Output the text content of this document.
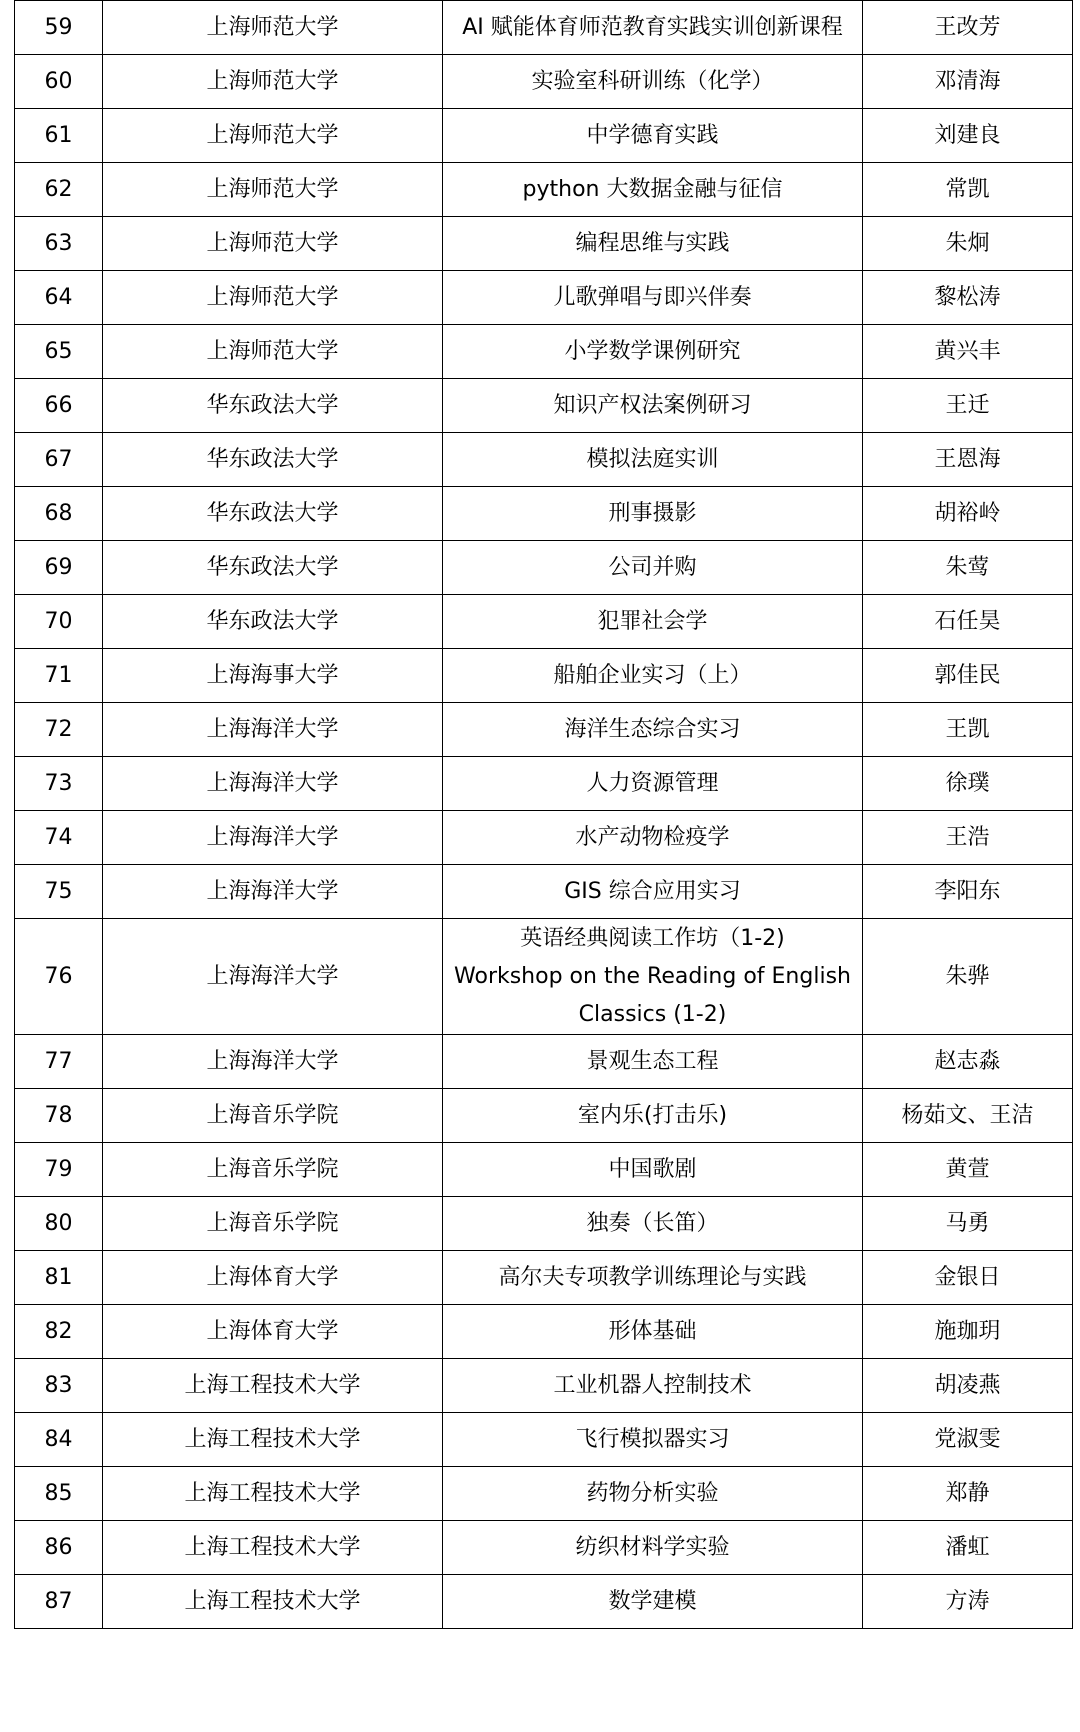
59	上海师范大学	AI 赋能体育师范教育实践实训创新课程	王改芳
60	上海师范大学	实验室科研训练（化学）	邓清海
61	上海师范大学	中学德育实践	刘建良
62	上海师范大学	python 大数据金融与征信	常凯
63	上海师范大学	编程思维与实践	朱炯
64	上海师范大学	儿歌弹唱与即兴伴奏	黎松涛
65	上海师范大学	小学数学课例研究	黄兴丰
66	华东政法大学	知识产权法案例研习	王迁
67	华东政法大学	模拟法庭实训	王恩海
68	华东政法大学	刑事摄影	胡裕岭
69	华东政法大学	公司并购	朱莺
70	华东政法大学	犯罪社会学	石任昊
71	上海海事大学	船舶企业实习（上）	郭佳民
72	上海海洋大学	海洋生态综合实习	王凯
73	上海海洋大学	人力资源管理	徐璞
74	上海海洋大学	水产动物检疫学	王浩
75	上海海洋大学	GIS 综合应用实习	李阳东
76	上海海洋大学	英语经典阅读工作坊（1-2)
Workshop on the Reading of English
Classics (1-2)	朱骅
77	上海海洋大学	景观生态工程	赵志淼
78	上海音乐学院	室内乐(打击乐)	杨茹文、王洁
79	上海音乐学院	中国歌剧	黄萱
80	上海音乐学院	独奏（长笛）	马勇
81	上海体育大学	高尔夫专项教学训练理论与实践	金银日
82	上海体育大学	形体基础	施珈玥
83	上海工程技术大学	工业机器人控制技术	胡凌燕
84	上海工程技术大学	飞行模拟器实习	党淑雯
85	上海工程技术大学	药物分析实验	郑静
86	上海工程技术大学	纺织材料学实验	潘虹
87	上海工程技术大学	数学建模	方涛
